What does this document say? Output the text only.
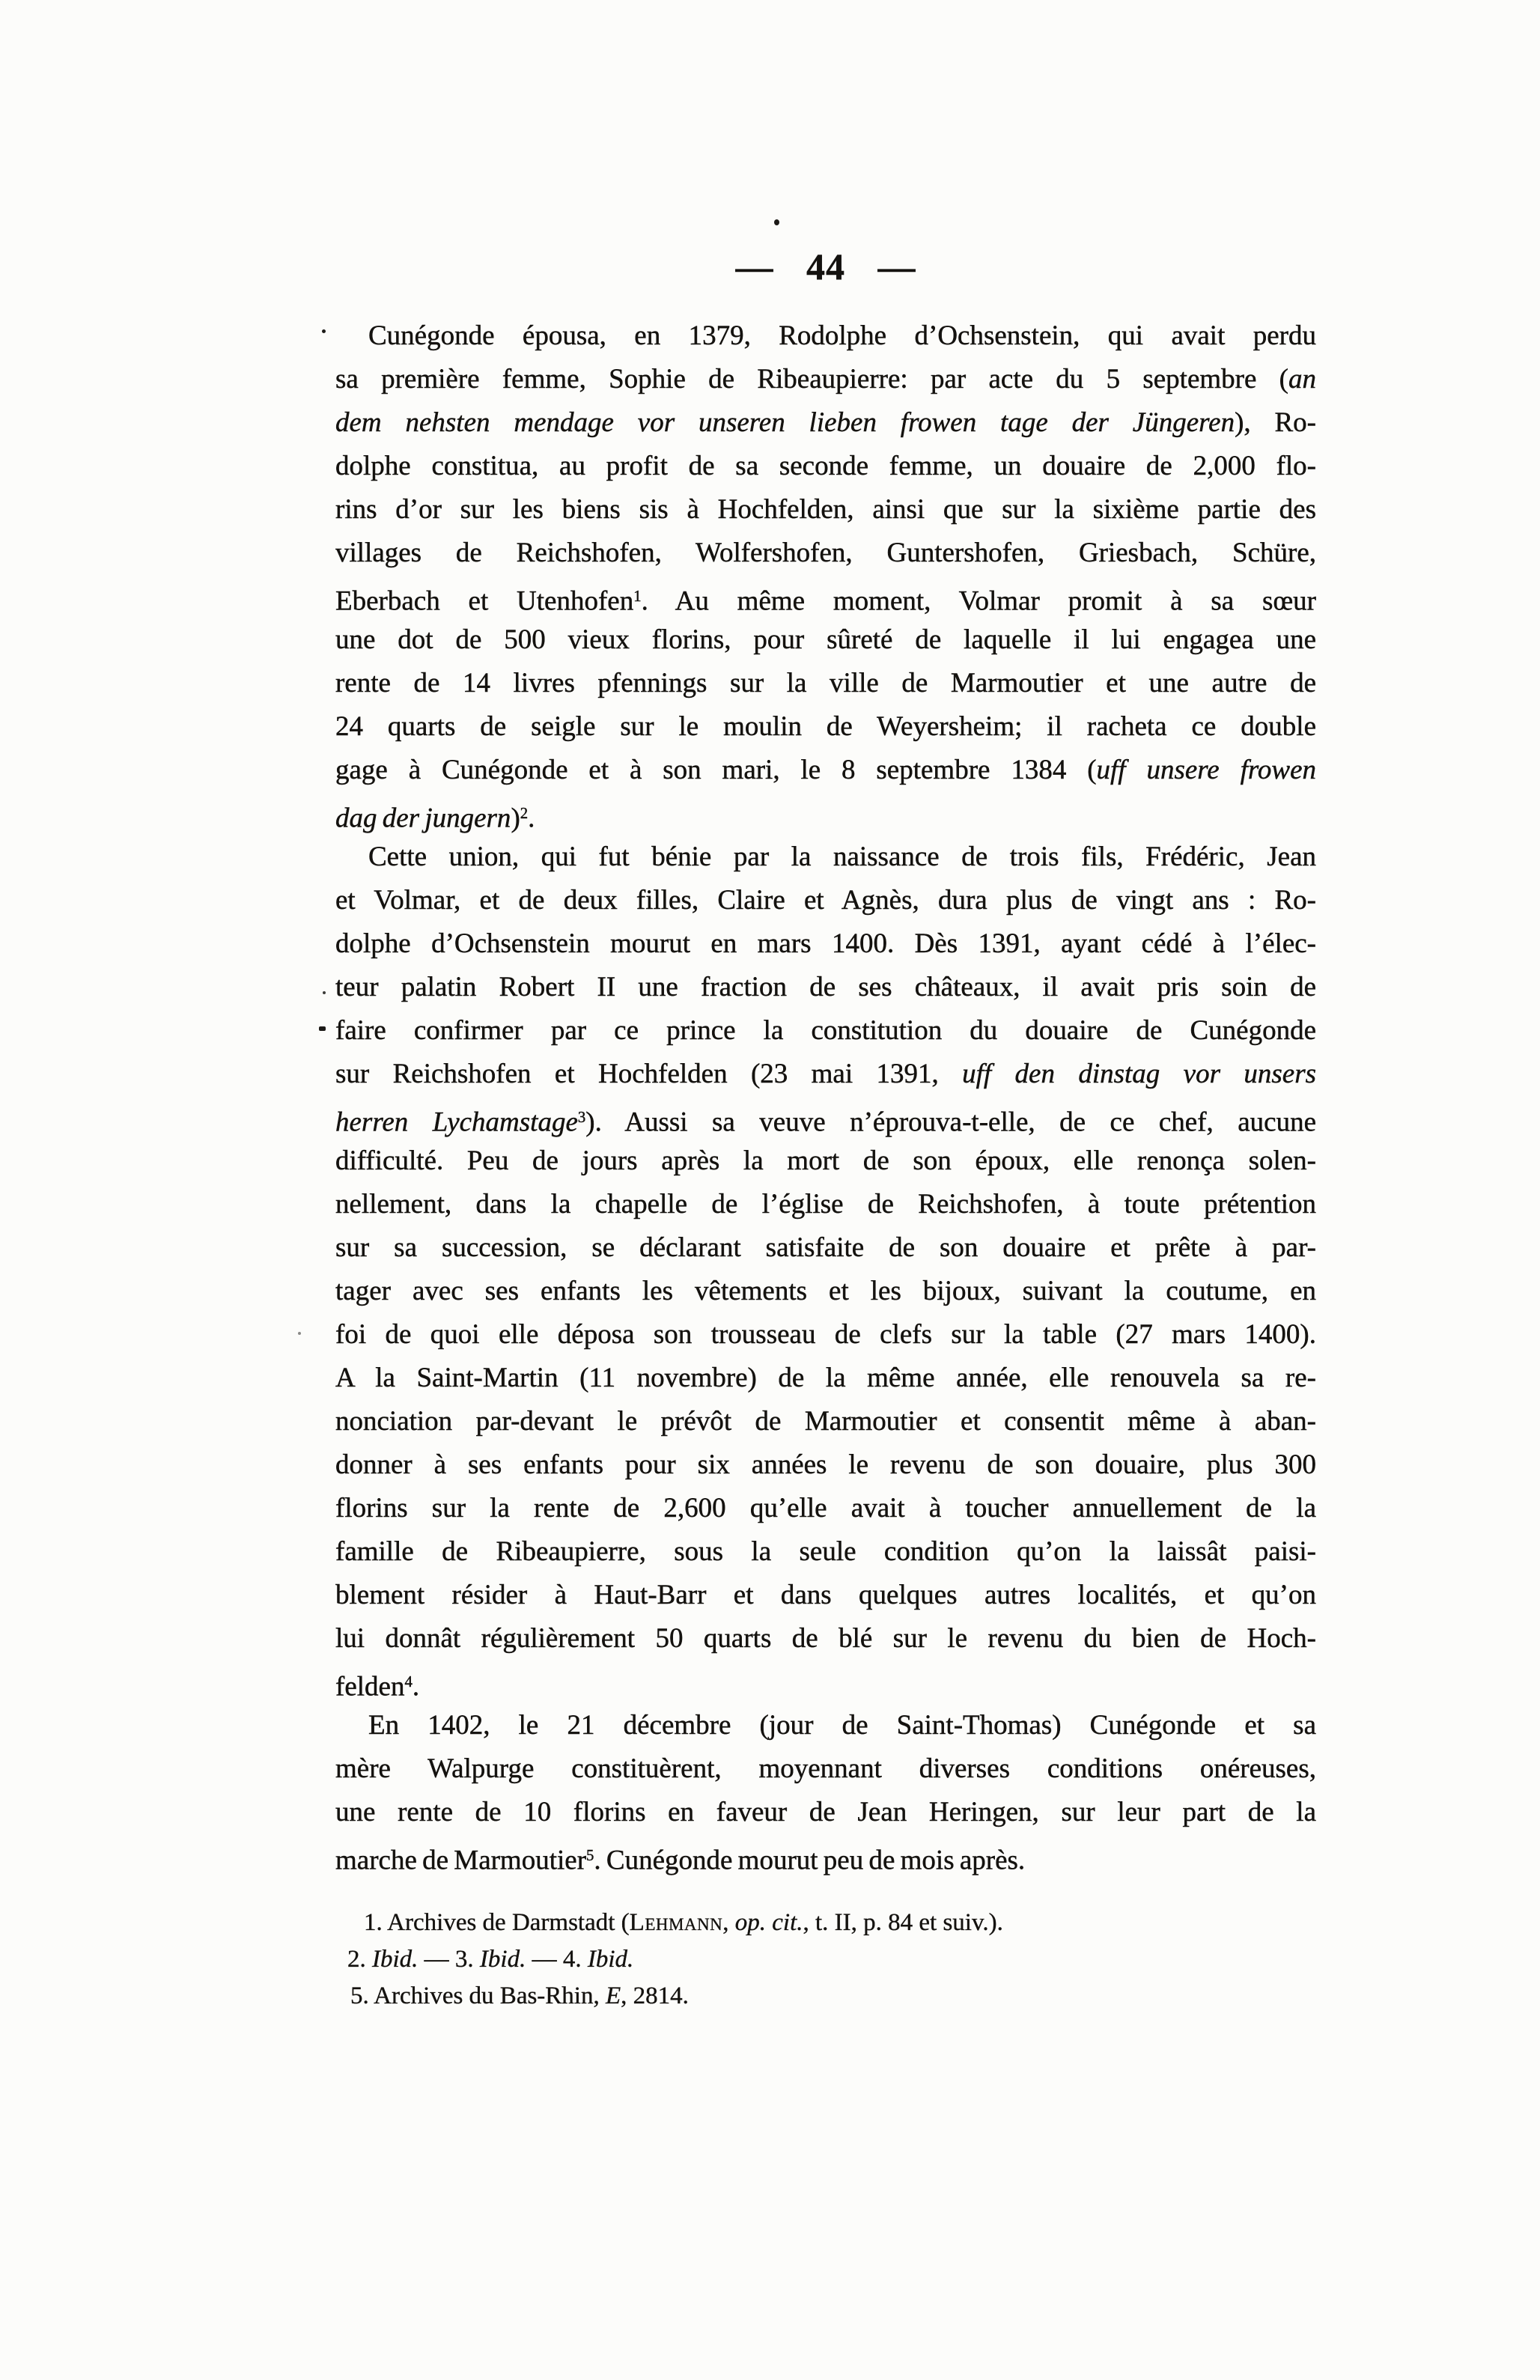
— 44 —
Cunégonde épousa, en 1379, Rodolphe d’Ochsenstein, qui avait perdu
sa première femme, Sophie de Ribeaupierre: par acte du 5 septembre (an
dem nehsten mendage vor unseren lieben frowen tage der Jüngeren), Ro-
dolphe constitua, au profit de sa seconde femme, un douaire de 2,000 flo-
rins d’or sur les biens sis à Hochfelden, ainsi que sur la sixième partie des
villages de Reichshofen, Wolfershofen, Guntershofen, Griesbach, Schüre,
Eberbach et Utenhofen$^1$. Au même moment, Volmar promit à sa sœur
une dot de 500 vieux florins, pour sûreté de laquelle il lui engagea une
rente de 14 livres pfennings sur la ville de Marmoutier et une autre de
24 quarts de seigle sur le moulin de Weyersheim; il racheta ce double
gage à Cunégonde et à son mari, le 8 septembre 1384 (uff unsere frowen
dag der jungern)$^2$.
Cette union, qui fut bénie par la naissance de trois fils, Frédéric, Jean
et Volmar, et de deux filles, Claire et Agnès, dura plus de vingt ans : Ro-
dolphe d’Ochsenstein mourut en mars 1400. Dès 1391, ayant cédé à l’élec-
teur palatin Robert II une fraction de ses châteaux, il avait pris soin de
faire confirmer par ce prince la constitution du douaire de Cunégonde
sur Reichshofen et Hochfelden (23 mai 1391, uff den dinstag vor unsers
herren Lychamstage$^3$). Aussi sa veuve n’éprouva-t-elle, de ce chef, aucune
difficulté. Peu de jours après la mort de son époux, elle renonça solen-
nellement, dans la chapelle de l’église de Reichshofen, à toute prétention
sur sa succession, se déclarant satisfaite de son douaire et prête à par-
tager avec ses enfants les vêtements et les bijoux, suivant la coutume, en
foi de quoi elle déposa son trousseau de clefs sur la table (27 mars 1400).
A la Saint-Martin (11 novembre) de la même année, elle renouvela sa re-
nonciation par-devant le prévôt de Marmoutier et consentit même à aban-
donner à ses enfants pour six années le revenu de son douaire, plus 300
florins sur la rente de 2,600 qu’elle avait à toucher annuellement de la
famille de Ribeaupierre, sous la seule condition qu’on la laissât paisi-
blement résider à Haut-Barr et dans quelques autres localités, et qu’on
lui donnât régulièrement 50 quarts de blé sur le revenu du bien de Hoch-
felden$^4$.
En 1402, le 21 décembre (jour de Saint-Thomas) Cunégonde et sa
mère Walpurge constituèrent, moyennant diverses conditions onéreuses,
une rente de 10 florins en faveur de Jean Heringen, sur leur part de la
marche de Marmoutier$^5$. Cunégonde mourut peu de mois après.
1. Archives de Darmstadt (Lehmann, op. cit., t. II, p. 84 et suiv.).
2. Ibid. — 3. Ibid. — 4. Ibid.
5. Archives du Bas-Rhin, E, 2814.
